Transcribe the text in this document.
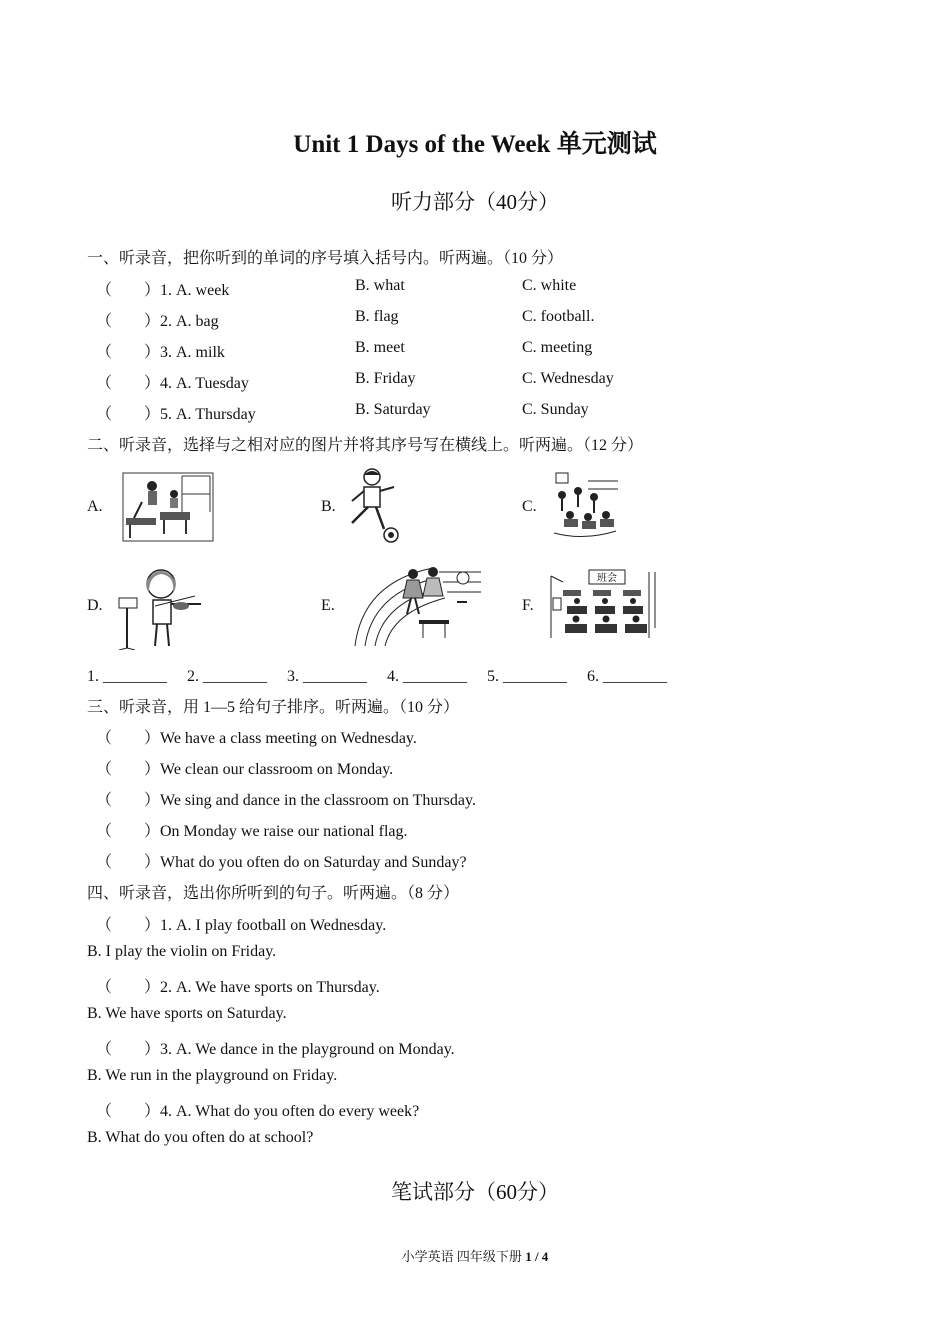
Unit 1 Days of the Week 单元测试
听力部分（40分）
一、听录音，把你听到的单词的序号填入括号内。听两遍。（10 分）
（　　）1. A. week	B. what	C. white
（　　）2. A. bag	B. flag	C. football.
（　　）3. A. milk	B. meet	C. meeting
（　　）4. A. Tuesday	B. Friday	C. Wednesday
（　　）5. A. Thursday	B. Saturday	C. Sunday
二、听录音，选择与之相对应的图片并将其序号写在横线上。听两遍。（12 分）
A.	B.	C.
D.	E.	F.
班会
1. ________　 2. ________　 3. ________　 4. ________　 5. ________　 6. ________
三、听录音，用 1—5 给句子排序。听两遍。（10 分）
（　　）We have a class meeting on Wednesday.
（　　）We clean our classroom on Monday.
（　　）We sing and dance in the classroom on Thursday.
（　　）On Monday we raise our national flag.
（　　）What do you often do on Saturday and Sunday?
四、听录音，选出你所听到的句子。听两遍。（8 分）
（　　）1. A. I play football on Wednesday.
B. I play the violin on Friday.
（　　）2. A. We have sports on Thursday.
B. We have sports on Saturday.
（　　）3. A. We dance in the playground on Monday.
B. We run in the playground on Friday.
（　　）4. A. What do you often do every week?
B. What do you often do at school?
笔试部分（60分）
小学英语 四年级下册 1 / 4
